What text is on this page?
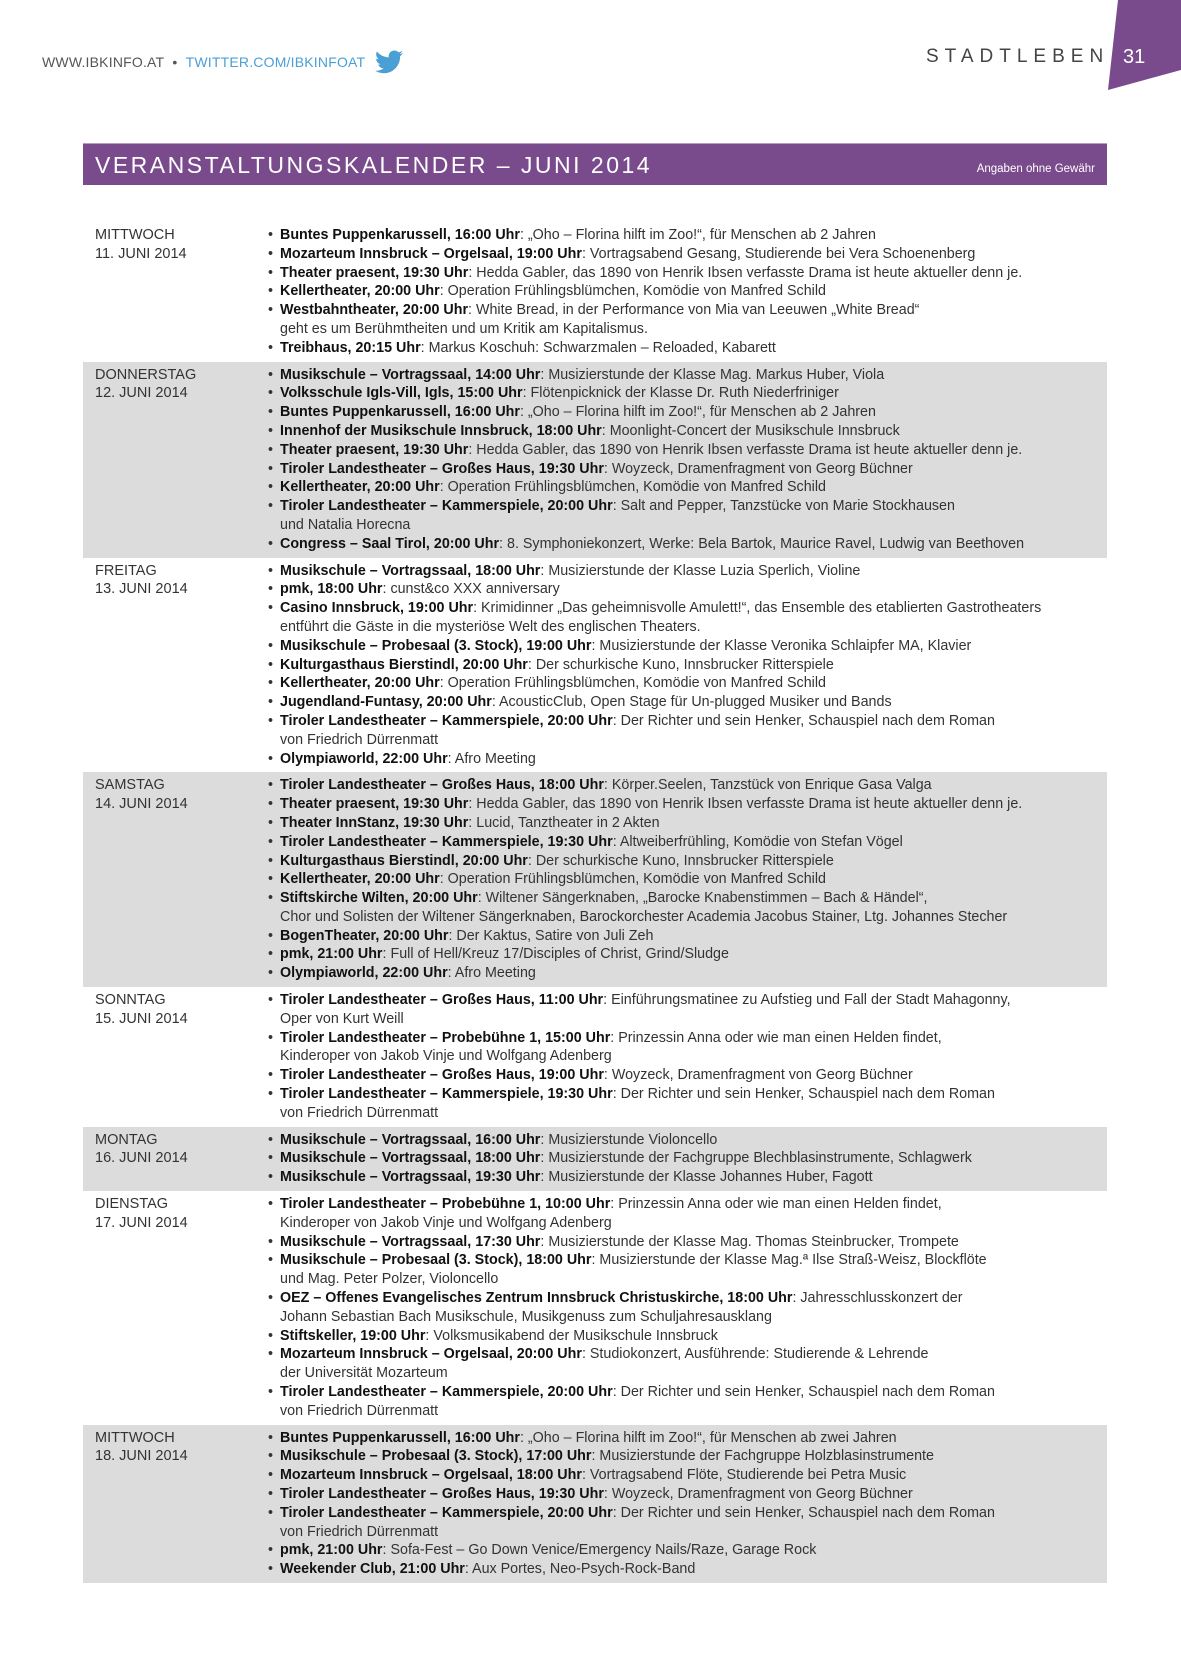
WWW.IBKINFO.AT • TWITTER.COM/IBKINFOAT	STADTLEBEN 31
VERANSTALTUNGSKALENDER – JUNI 2014	Angaben ohne Gewähr
MITTWOCH
11. JUNI 2014
• Buntes Puppenkarussell, 16:00 Uhr: „Oho – Florina hilft im Zoo!“, für Menschen ab 2 Jahren
• Mozarteum Innsbruck – Orgelsaal, 19:00 Uhr: Vortragsabend Gesang, Studierende bei Vera Schoenenberg
• Theater praesent, 19:30 Uhr: Hedda Gabler, das 1890 von Henrik Ibsen verfasste Drama ist heute aktueller denn je.
• Kellertheater, 20:00 Uhr: Operation Frühlingsblümchen, Komödie von Manfred Schild
• Westbahntheater, 20:00 Uhr: White Bread, in der Performance von Mia van Leeuwen „White Bread“
geht es um Berühmtheiten und um Kritik am Kapitalismus.
• Treibhaus, 20:15 Uhr: Markus Koschuh: Schwarzmalen – Reloaded, Kabarett
DONNERSTAG
12. JUNI 2014
• Musikschule – Vortragssaal, 14:00 Uhr: Musizierstunde der Klasse Mag. Markus Huber, Viola
• Volksschule Igls-Vill, Igls, 15:00 Uhr: Flötenpicknick der Klasse Dr. Ruth Niederfriniger
• Buntes Puppenkarussell, 16:00 Uhr: „Oho – Florina hilft im Zoo!“, für Menschen ab 2 Jahren
• Innenhof der Musikschule Innsbruck, 18:00 Uhr: Moonlight-Concert der Musikschule Innsbruck
• Theater praesent, 19:30 Uhr: Hedda Gabler, das 1890 von Henrik Ibsen verfasste Drama ist heute aktueller denn je.
• Tiroler Landestheater – Großes Haus, 19:30 Uhr: Woyzeck, Dramenfragment von Georg Büchner
• Kellertheater, 20:00 Uhr: Operation Frühlingsblümchen, Komödie von Manfred Schild
• Tiroler Landestheater – Kammerspiele, 20:00 Uhr: Salt and Pepper, Tanzstücke von Marie Stockhausen
und Natalia Horecna
• Congress – Saal Tirol, 20:00 Uhr: 8. Symphoniekonzert, Werke: Bela Bartok, Maurice Ravel, Ludwig van Beethoven
FREITAG
13. JUNI 2014
• Musikschule – Vortragssaal, 18:00 Uhr: Musizierstunde der Klasse Luzia Sperlich, Violine
• pmk, 18:00 Uhr: cunst&co XXX anniversary
• Casino Innsbruck, 19:00 Uhr: Krimidinner „Das geheimnisvolle Amulett!“, das Ensemble des etablierten Gastrotheaters
entführt die Gäste in die mysteriöse Welt des englischen Theaters.
• Musikschule – Probesaal (3. Stock), 19:00 Uhr: Musizierstunde der Klasse Veronika Schlaipfer MA, Klavier
• Kulturgasthaus Bierstindl, 20:00 Uhr: Der schurkische Kuno, Innsbrucker Ritterspiele
• Kellertheater, 20:00 Uhr: Operation Frühlingsblümchen, Komödie von Manfred Schild
• Jugendland-Funtasy, 20:00 Uhr: AcousticClub, Open Stage für Un-plugged Musiker und Bands
• Tiroler Landestheater – Kammerspiele, 20:00 Uhr: Der Richter und sein Henker, Schauspiel nach dem Roman
von Friedrich Dürrenmatt
• Olympiaworld, 22:00 Uhr: Afro Meeting
SAMSTAG
14. JUNI 2014
• Tiroler Landestheater – Großes Haus, 18:00 Uhr: Körper.Seelen, Tanzstück von Enrique Gasa Valga
• Theater praesent, 19:30 Uhr: Hedda Gabler, das 1890 von Henrik Ibsen verfasste Drama ist heute aktueller denn je.
• Theater InnStanz, 19:30 Uhr: Lucid, Tanztheater in 2 Akten
• Tiroler Landestheater – Kammerspiele, 19:30 Uhr: Altweiberfrühling, Komödie von Stefan Vögel
• Kulturgasthaus Bierstindl, 20:00 Uhr: Der schurkische Kuno, Innsbrucker Ritterspiele
• Kellertheater, 20:00 Uhr: Operation Frühlingsblümchen, Komödie von Manfred Schild
• Stiftskirche Wilten, 20:00 Uhr: Wiltener Sängerknaben, „Barocke Knabenstimmen – Bach & Händel“,
Chor und Solisten der Wiltener Sängerknaben, Barockorchester Academia Jacobus Stainer, Ltg. Johannes Stecher
• BogenTheater, 20:00 Uhr: Der Kaktus, Satire von Juli Zeh
• pmk, 21:00 Uhr: Full of Hell/Kreuz 17/Disciples of Christ, Grind/Sludge
• Olympiaworld, 22:00 Uhr: Afro Meeting
SONNTAG
15. JUNI 2014
• Tiroler Landestheater – Großes Haus, 11:00 Uhr: Einführungsmatinee zu Aufstieg und Fall der Stadt Mahagonny,
Oper von Kurt Weill
• Tiroler Landestheater – Probebühne 1, 15:00 Uhr: Prinzessin Anna oder wie man einen Helden findet,
Kinderoper von Jakob Vinje und Wolfgang Adenberg
• Tiroler Landestheater – Großes Haus, 19:00 Uhr: Woyzeck, Dramenfragment von Georg Büchner
• Tiroler Landestheater – Kammerspiele, 19:30 Uhr: Der Richter und sein Henker, Schauspiel nach dem Roman
von Friedrich Dürrenmatt
MONTAG
16. JUNI 2014
• Musikschule – Vortragssaal, 16:00 Uhr: Musizierstunde Violoncello
• Musikschule – Vortragssaal, 18:00 Uhr: Musizierstunde der Fachgruppe Blechblasinstrumente, Schlagwerk
• Musikschule – Vortragssaal, 19:30 Uhr: Musizierstunde der Klasse Johannes Huber, Fagott
DIENSTAG
17. JUNI 2014
• Tiroler Landestheater – Probebühne 1, 10:00 Uhr: Prinzessin Anna oder wie man einen Helden findet,
Kinderoper von Jakob Vinje und Wolfgang Adenberg
• Musikschule – Vortragssaal, 17:30 Uhr: Musizierstunde der Klasse Mag. Thomas Steinbrucker, Trompete
• Musikschule – Probesaal (3. Stock), 18:00 Uhr: Musizierstunde der Klasse Mag.ª Ilse Straß-Weisz, Blockflöte
und Mag. Peter Polzer, Violoncello
• OEZ – Offenes Evangelisches Zentrum Innsbruck Christuskirche, 18:00 Uhr: Jahresschlusskonzert der
Johann Sebastian Bach Musikschule, Musikgenuss zum Schuljahresausklang
• Stiftskeller, 19:00 Uhr: Volksmusikabend der Musikschule Innsbruck
• Mozarteum Innsbruck – Orgelsaal, 20:00 Uhr: Studiokonzert, Ausführende: Studierende & Lehrende
der Universität Mozarteum
• Tiroler Landestheater – Kammerspiele, 20:00 Uhr: Der Richter und sein Henker, Schauspiel nach dem Roman
von Friedrich Dürrenmatt
MITTWOCH
18. JUNI 2014
• Buntes Puppenkarussell, 16:00 Uhr: „Oho – Florina hilft im Zoo!“, für Menschen ab zwei Jahren
• Musikschule – Probesaal (3. Stock), 17:00 Uhr: Musizierstunde der Fachgruppe Holzblasinstrumente
• Mozarteum Innsbruck – Orgelsaal, 18:00 Uhr: Vortragsabend Flöte, Studierende bei Petra Music
• Tiroler Landestheater – Großes Haus, 19:30 Uhr: Woyzeck, Dramenfragment von Georg Büchner
• Tiroler Landestheater – Kammerspiele, 20:00 Uhr: Der Richter und sein Henker, Schauspiel nach dem Roman
von Friedrich Dürrenmatt
• pmk, 21:00 Uhr: Sofa-Fest – Go Down Venice/Emergency Nails/Raze, Garage Rock
• Weekender Club, 21:00 Uhr: Aux Portes, Neo-Psych-Rock-Band
